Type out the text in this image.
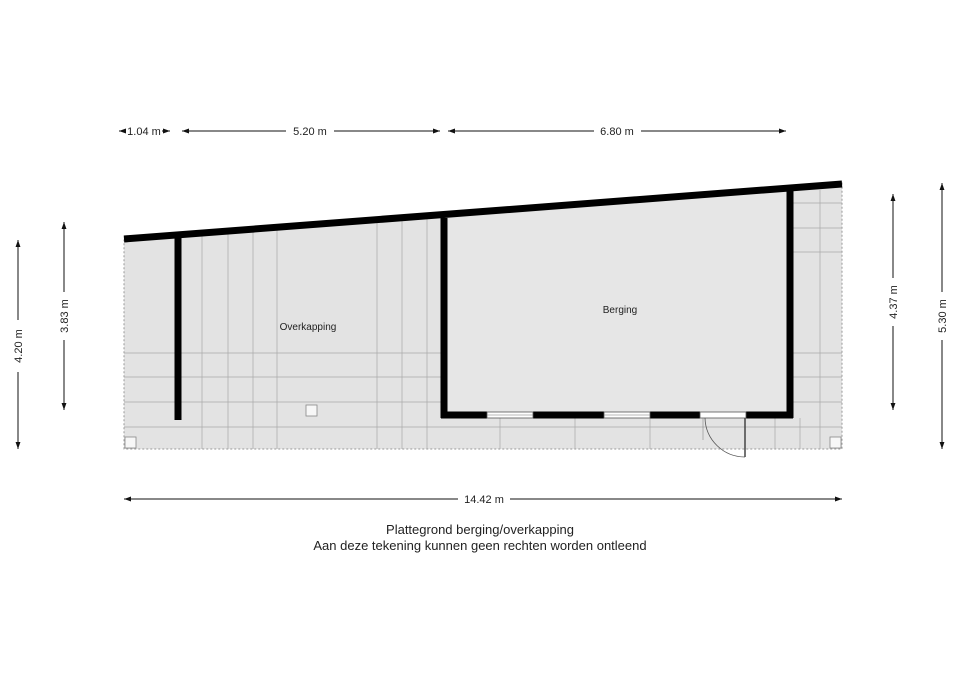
Overkapping
Berging
1.04 m	5.20 m	6.80 m
4.20 m
3.83 m	4.37 m	5.30 m
14.42 m
Plattegrond berging/overkapping
Aan deze tekening kunnen geen rechten worden ontleend
